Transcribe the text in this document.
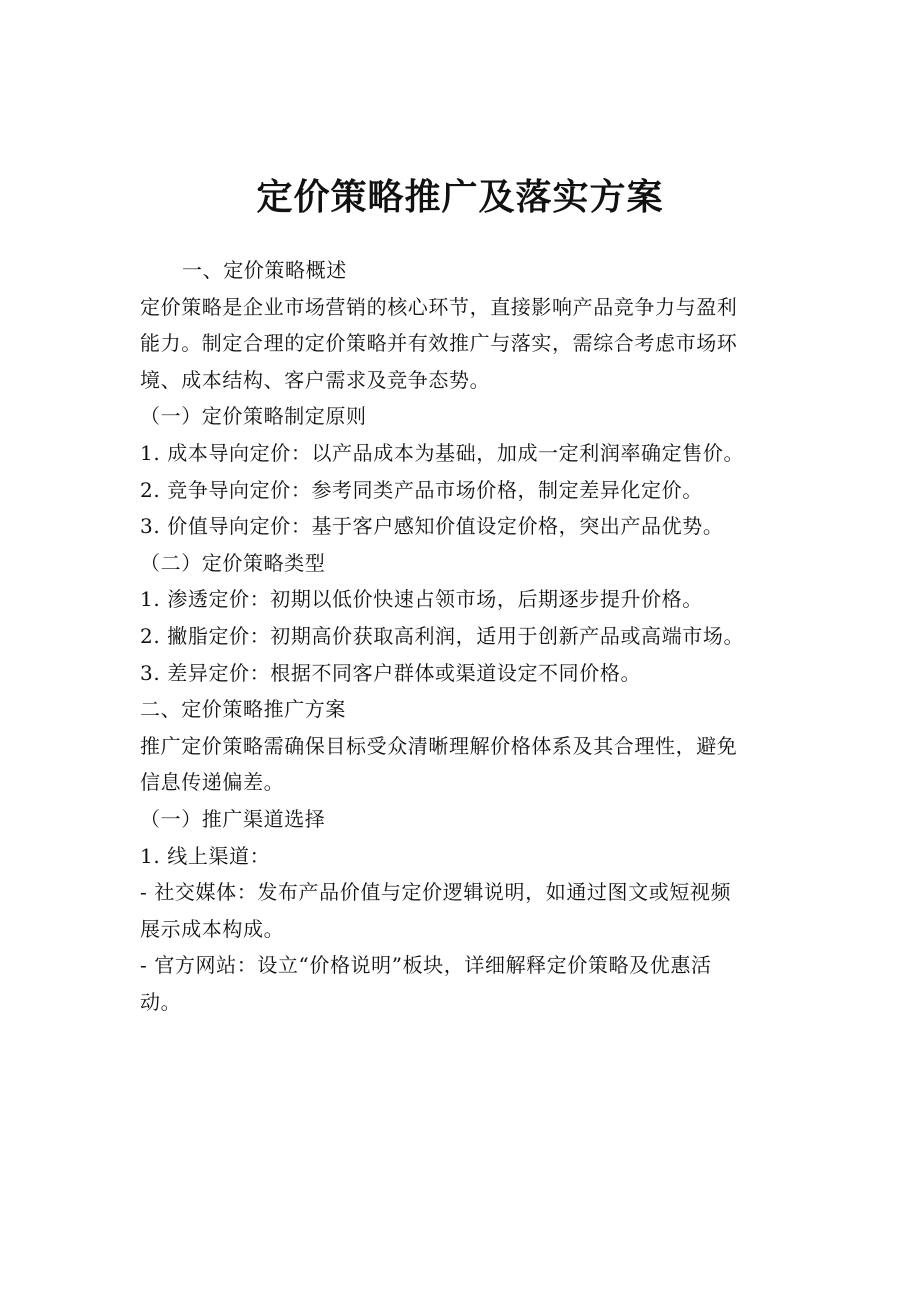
定价策略推广及落实方案

一、定价策略概述

定价策略是企业市场营销的核心环节，直接影响产品竞争力与盈利

能力。制定合理的定价策略并有效推广与落实，需综合考虑市场环

境、成本结构、客户需求及竞争态势。

（一）定价策略制定原则

1. 成本导向定价：以产品成本为基础，加成一定利润率确定售价。

2. 竞争导向定价：参考同类产品市场价格，制定差异化定价。

3. 价值导向定价：基于客户感知价值设定价格，突出产品优势。

（二）定价策略类型

1. 渗透定价：初期以低价快速占领市场，后期逐步提升价格。

2. 撇脂定价：初期高价获取高利润，适用于创新产品或高端市场。

3. 差异定价：根据不同客户群体或渠道设定不同价格。

二、定价策略推广方案

推广定价策略需确保目标受众清晰理解价格体系及其合理性，避免

信息传递偏差。

（一）推广渠道选择

1. 线上渠道：

- 社交媒体：发布产品价值与定价逻辑说明，如通过图文或短视频

展示成本构成。

- 官方网站：设立“价格说明”板块，详细解释定价策略及优惠活

动。
